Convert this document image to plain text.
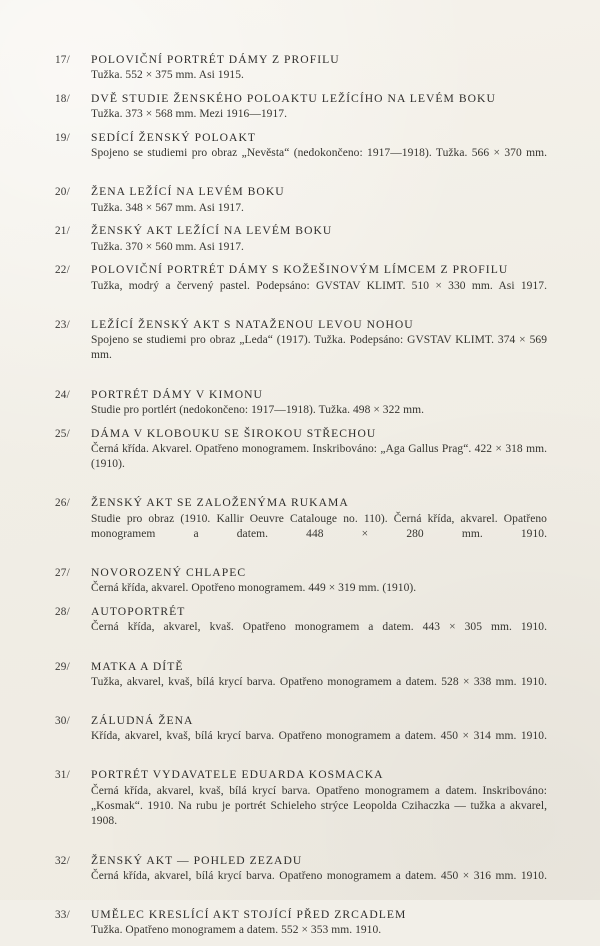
17/	POLOVIČNÍ PORTRÉT DÁMY Z PROFILU
Tužka. 552 × 375 mm. Asi 1915.
18/	DVĚ STUDIE ŽENSKÉHO POLOAKTU LEŽÍCÍHO NA LEVÉM BOKU
Tužka. 373 × 568 mm. Mezi 1916—1917.
19/	SEDÍCÍ ŽENSKÝ POLOAKT
Spojeno se studiemi pro obraz „Nevěsta“ (nedokončeno: 1917—1918). Tužka. 566 × 370 mm.
20/	ŽENA LEŽÍCÍ NA LEVÉM BOKU
Tužka. 348 × 567 mm. Asi 1917.
21/	ŽENSKÝ AKT LEŽÍCÍ NA LEVÉM BOKU
Tužka. 370 × 560 mm. Asi 1917.
22/	POLOVIČNÍ PORTRÉT DÁMY S KOŽEŠINOVÝM LÍMCEM Z PROFILU
Tužka, modrý a červený pastel. Podepsáno: GVSTAV KLIMT. 510 × 330 mm. Asi 1917.
23/	LEŽÍCÍ ŽENSKÝ AKT S NATAŽENOU LEVOU NOHOU
Spojeno se studiemi pro obraz „Leda“ (1917). Tužka. Podepsáno: GVSTAV KLIMT. 374 × 569 mm.
24/	PORTRÉT DÁMY V KIMONU
Studie pro portlért (nedokončeno: 1917—1918). Tužka. 498 × 322 mm.
25/	DÁMA V KLOBOUKU SE ŠIROKOU STŘECHOU
Černá křída. Akvarel. Opatřeno monogramem. Inskribováno: „Aga Gallus Prag“. 422 × 318 mm. (1910).
26/	ŽENSKÝ AKT SE ZALOŽENÝMA RUKAMA
Studie pro obraz (1910. Kallir Oeuvre Catalouge no. 110). Černá křída, akvarel. Opatřeno monogramem a datem. 448 × 280 mm. 1910.
27/	NOVOROZENÝ CHLAPEC
Černá křída, akvarel. Opotřeno monogramem. 449 × 319 mm. (1910).
28/	AUTOPORTRÉT
Černá křída, akvarel, kvaš. Opatřeno monogramem a datem. 443 × 305 mm. 1910.
29/	MATKA A DÍTĚ
Tužka, akvarel, kvaš, bílá krycí barva. Opatřeno monogramem a datem. 528 × 338 mm. 1910.
30/	ZÁLUDNÁ ŽENA
Křída, akvarel, kvaš, bílá krycí barva. Opatřeno monogramem a datem. 450 × 314 mm. 1910.
31/	PORTRÉT VYDAVATELE EDUARDA KOSMACKA
Černá křída, akvarel, kvaš, bílá krycí barva. Opatřeno monogramem a datem. Inskribováno: „Kosmak“. 1910. Na rubu je portrét Schieleho strýce Leopolda Czihaczka — tužka a akvarel, 1908.
32/	ŽENSKÝ AKT — POHLED ZEZADU
Černá křída, akvarel, bílá krycí barva. Opatřeno monogramem a datem. 450 × 316 mm. 1910.
33/	UMĚLEC KRESLÍCÍ AKT STOJÍCÍ PŘED ZRCADLEM
Tužka. Opatřeno monogramem a datem. 552 × 353 mm. 1910.
